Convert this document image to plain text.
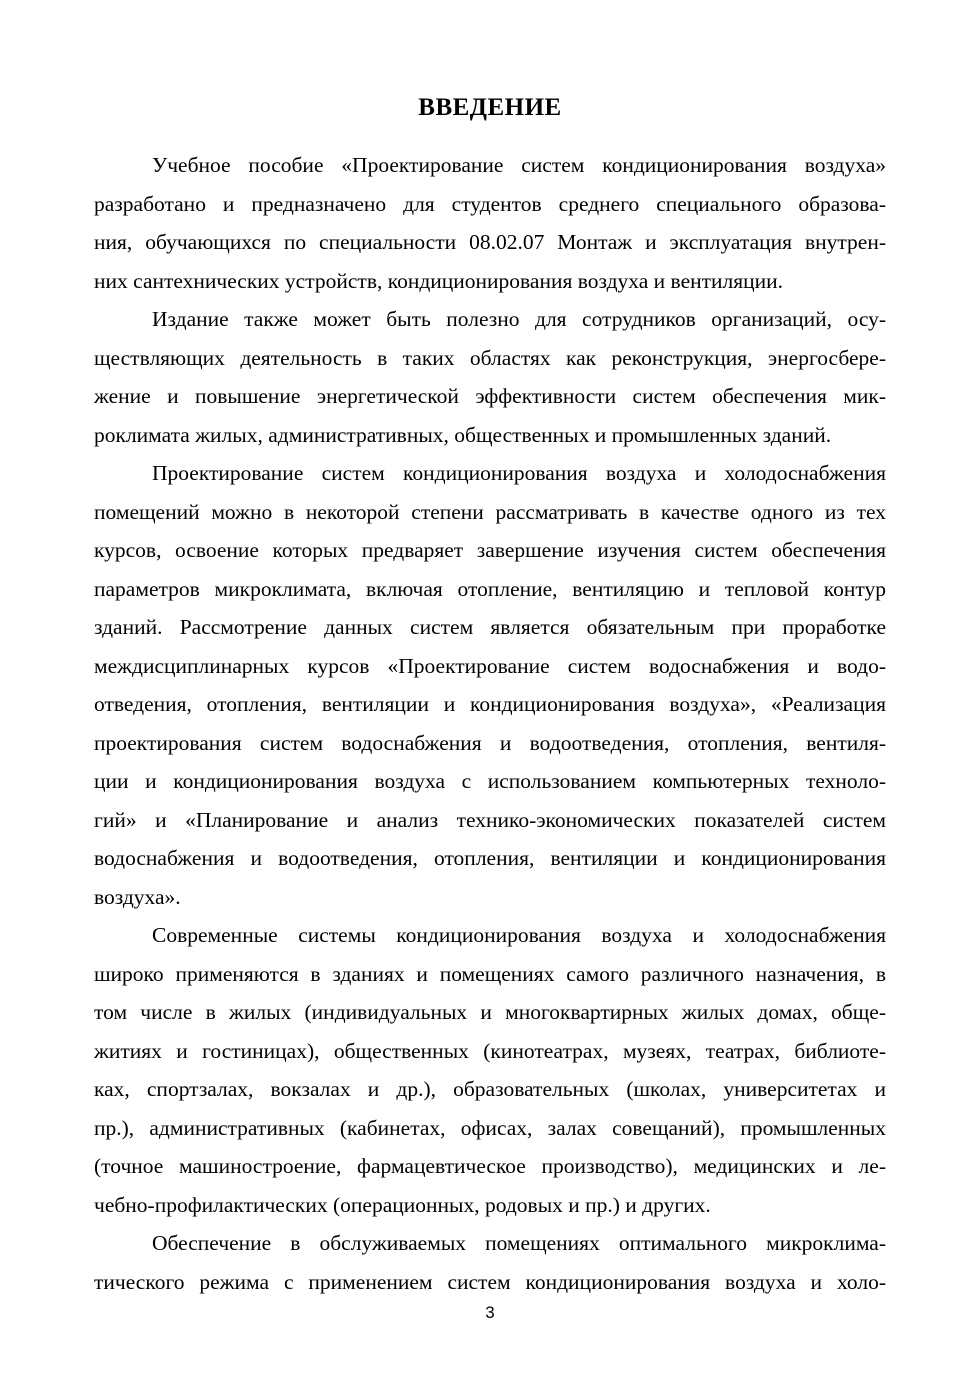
ВВЕДЕНИЕ
Учебное пособие «Проектирование систем кондиционирования воздуха»
разработано и предназначено для студентов среднего специального образова-
ния, обучающихся по специальности 08.02.07 Монтаж и эксплуатация внутрен-
них сантехнических устройств, кондиционирования воздуха и вентиляции.
Издание также может быть полезно для сотрудников организаций, осу-
ществляющих деятельность в таких областях как реконструкция, энергосбере-
жение и повышение энергетической эффективности систем обеспечения мик-
роклимата жилых, административных, общественных и промышленных зданий.
Проектирование систем кондиционирования воздуха и холодоснабжения
помещений можно в некоторой степени рассматривать в качестве одного из тех
курсов, освоение которых предваряет завершение изучения систем обеспечения
параметров микроклимата, включая отопление, вентиляцию и тепловой контур
зданий. Рассмотрение данных систем является обязательным при проработке
междисциплинарных курсов «Проектирование систем водоснабжения и водо-
отведения, отопления, вентиляции и кондиционирования воздуха», «Реализация
проектирования систем водоснабжения и водоотведения, отопления, вентиля-
ции и кондиционирования воздуха с использованием компьютерных техноло-
гий» и «Планирование и анализ технико-экономических показателей систем
водоснабжения и водоотведения, отопления, вентиляции и кондиционирования
воздуха».
Современные системы кондиционирования воздуха и холодоснабжения
широко применяются в зданиях и помещениях самого различного назначения, в
том числе в жилых (индивидуальных и многоквартирных жилых домах, обще-
житиях и гостиницах), общественных (кинотеатрах, музеях, театрах, библиоте-
ках, спортзалах, вокзалах и др.), образовательных (школах, университетах и
пр.), административных (кабинетах, офисах, залах совещаний), промышленных
(точное машиностроение, фармацевтическое производство), медицинских и ле-
чебно-профилактических (операционных, родовых и пр.) и других.
Обеспечение в обслуживаемых помещениях оптимального микроклима-
тического режима с применением систем кондиционирования воздуха и холо-
3
